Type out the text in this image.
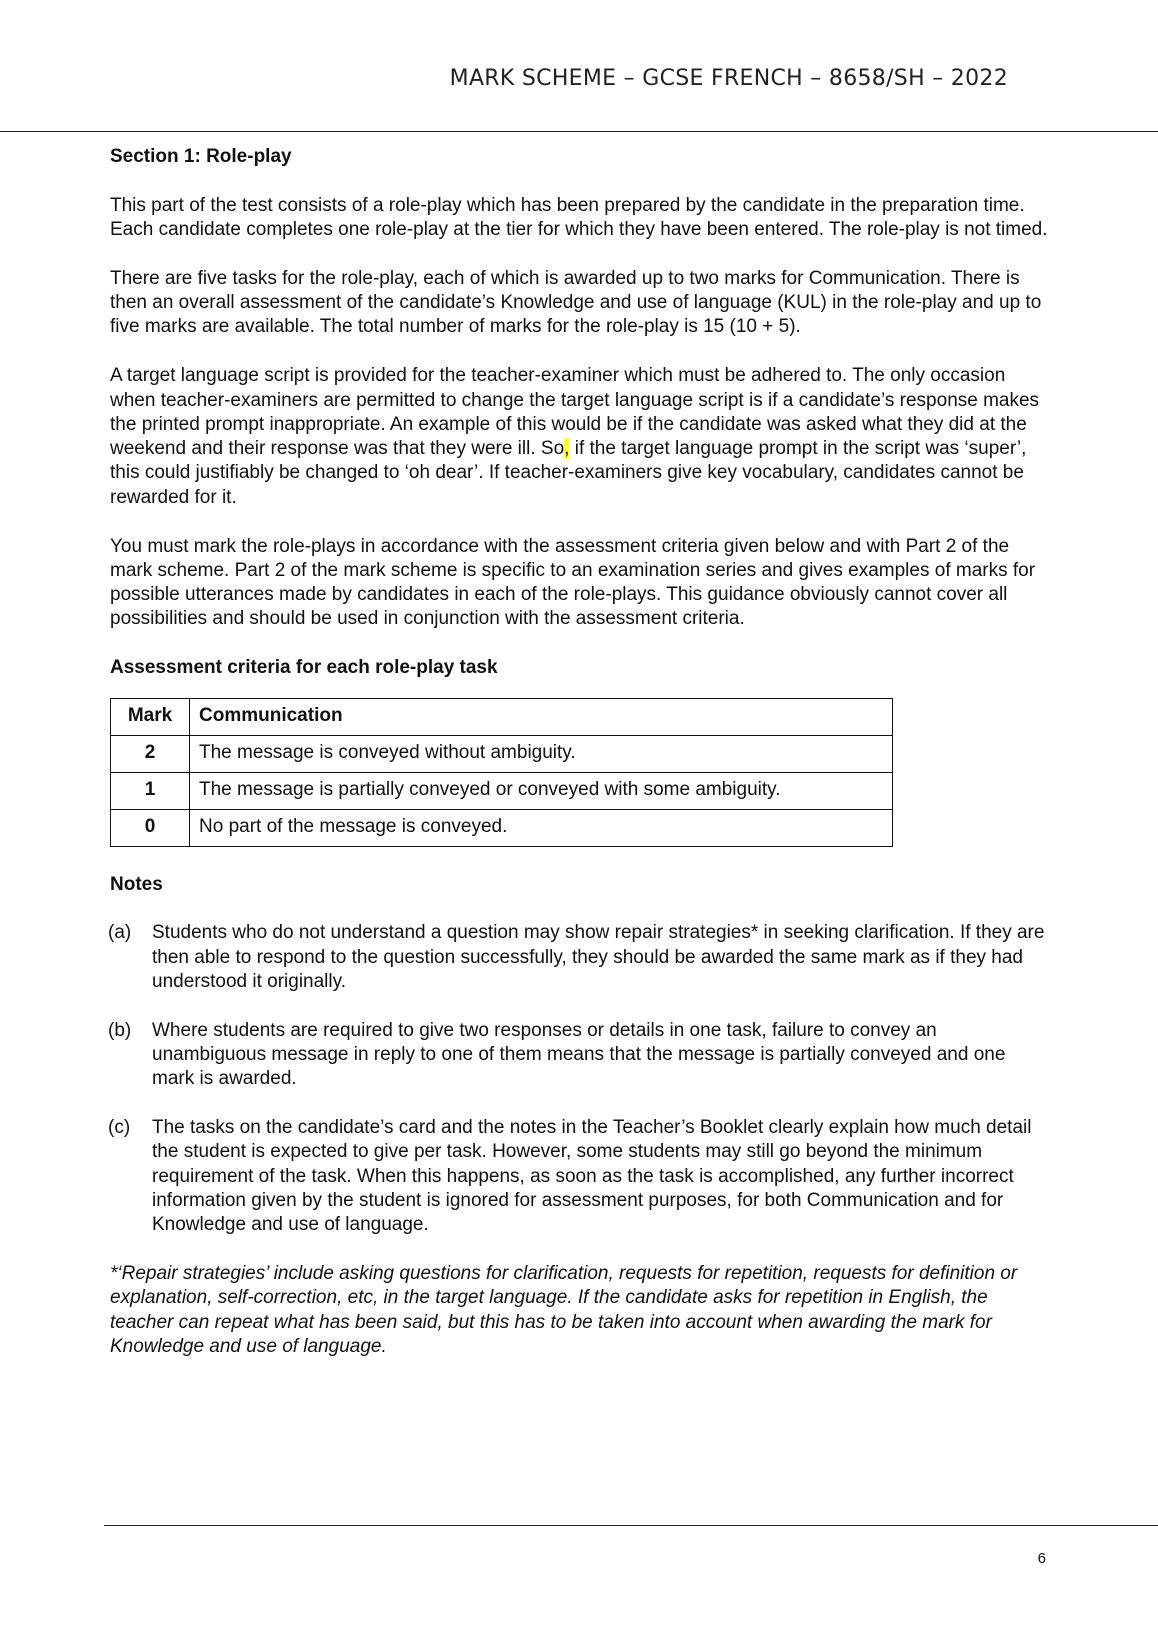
MARK SCHEME – GCSE FRENCH – 8658/SH – 2022
Section 1: Role-play

This part of the test consists of a role-play which has been prepared by the candidate in the preparation time. Each candidate completes one role-play at the tier for which they have been entered. The role-play is not timed.

There are five tasks for the role-play, each of which is awarded up to two marks for Communication. There is then an overall assessment of the candidate’s Knowledge and use of language (KUL) in the role-play and up to five marks are available. The total number of marks for the role-play is 15 (10 + 5).

A target language script is provided for the teacher-examiner which must be adhered to. The only occasion when teacher-examiners are permitted to change the target language script is if a candidate’s response makes the printed prompt inappropriate. An example of this would be if the candidate was asked what they did at the weekend and their response was that they were ill. So, if the target language prompt in the script was ‘super’, this could justifiably be changed to ‘oh dear’. If teacher-examiners give key vocabulary, candidates cannot be rewarded for it.

You must mark the role-plays in accordance with the assessment criteria given below and with Part 2 of the mark scheme. Part 2 of the mark scheme is specific to an examination series and gives examples of marks for possible utterances made by candidates in each of the role-plays. This guidance obviously cannot cover all possibilities and should be used in conjunction with the assessment criteria.

Assessment criteria for each role-play task
Mark	Communication
2	The message is conveyed without ambiguity.
1	The message is partially conveyed or conveyed with some ambiguity.
0	No part of the message is conveyed.
Notes
(a)	Students who do not understand a question may show repair strategies* in seeking clarification. If they are then able to respond to the question successfully, they should be awarded the same mark as if they had understood it originally.
(b)	Where students are required to give two responses or details in one task, failure to convey an unambiguous message in reply to one of them means that the message is partially conveyed and one mark is awarded.
(c)	The tasks on the candidate’s card and the notes in the Teacher’s Booklet clearly explain how much detail the student is expected to give per task. However, some students may still go beyond the minimum requirement of the task. When this happens, as soon as the task is accomplished, any further incorrect information given by the student is ignored for assessment purposes, for both Communication and for Knowledge and use of language.

*‘Repair strategies’ include asking questions for clarification, requests for repetition, requests for definition or explanation, self-correction, etc, in the target language. If the candidate asks for repetition in English, the teacher can repeat what has been said, but this has to be taken into account when awarding the mark for Knowledge and use of language.

6
